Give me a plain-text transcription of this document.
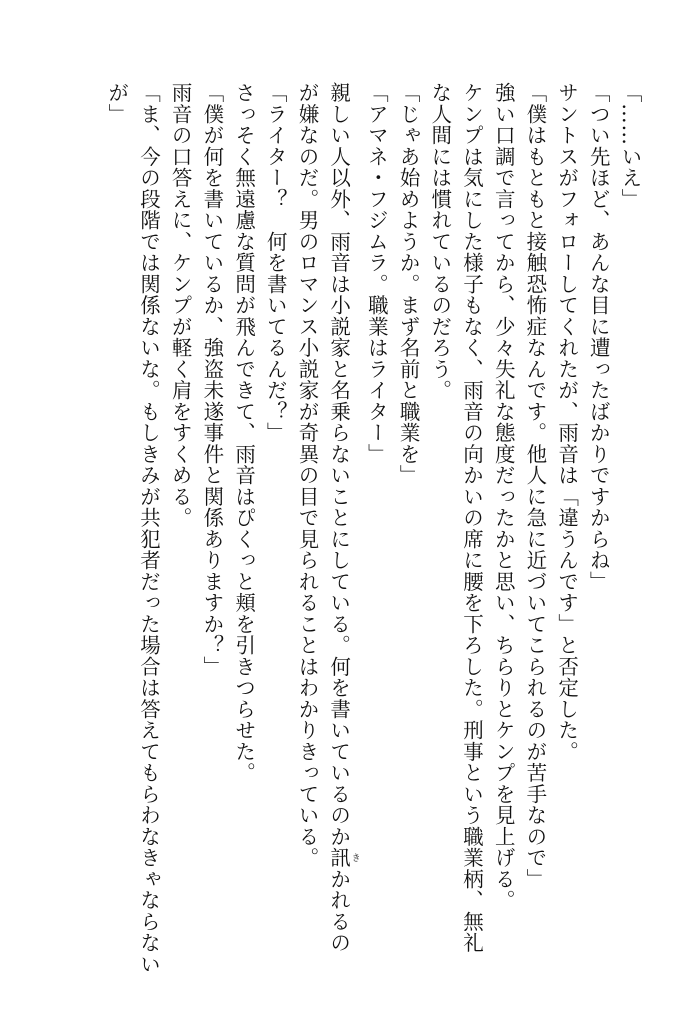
「……いえ」
「つい先ほど、あんな目に遭ったばかりですからね」
サントスがフォローしてくれたが、雨音は「違うんです」と否定した。
「僕はもともと接触恐怖症なんです。他人に急に近づいてこられるのが苦手なので」
強い口調で言ってから、少々失礼な態度だったかと思い、ちらりとケンプを見上げる。
ケンプは気にした様子もなく、雨音の向かいの席に腰を下ろした。刑事という職業柄、無礼
な人間には慣れているのだろう。
「じゃあ始めようか。まず名前と職業を」
「アマネ・フジムラ。職業はライター」
親しい人以外、雨音は小説家と名乗らないことにしている。何を書いているのか訊 きかれるの
が嫌なのだ。男のロマンス小説家が奇異の目で見られることはわかりきっている。
「ライター？　何を書いてるんだ？」
さっそく無遠慮な質問が飛んできて、雨音はぴくっと頬を引きつらせた。
「僕が何を書いているか、強盗未遂事件と関係ありますか？」
雨音の口答えに、ケンプが軽く肩をすくめる。
「ま、今の段階では関係ないな。もしきみが共犯者だった場合は答えてもらわなきゃならない
が」
